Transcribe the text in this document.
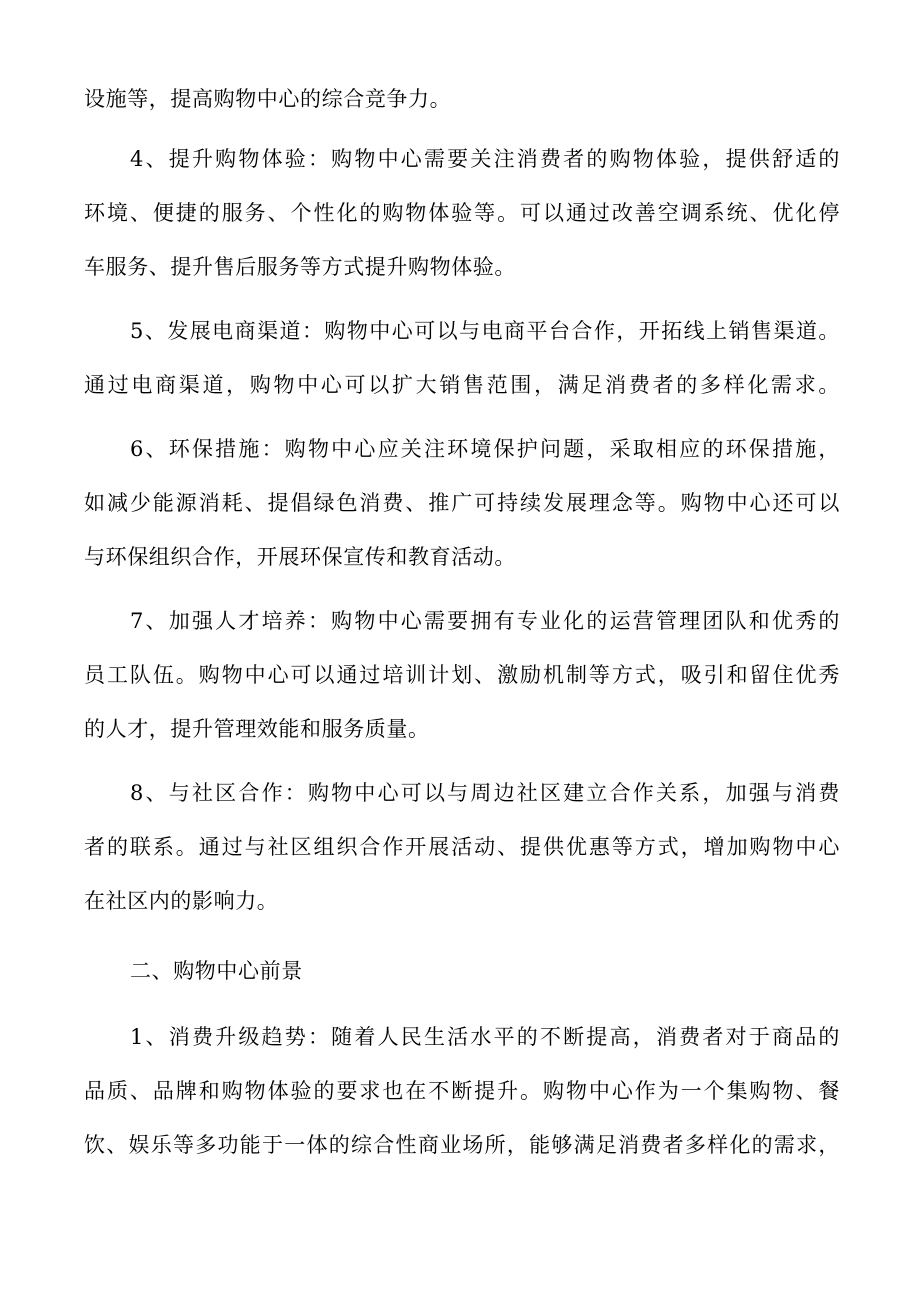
设施等，提高购物中心的综合竞争力。
4、提升购物体验：购物中心需要关注消费者的购物体验，提供舒适的
环境、便捷的服务、个性化的购物体验等。可以通过改善空调系统、优化停
车服务、提升售后服务等方式提升购物体验。
5、发展电商渠道：购物中心可以与电商平台合作，开拓线上销售渠道。
通过电商渠道，购物中心可以扩大销售范围，满足消费者的多样化需求。
6、环保措施：购物中心应关注环境保护问题，采取相应的环保措施，
如减少能源消耗、提倡绿色消费、推广可持续发展理念等。购物中心还可以
与环保组织合作，开展环保宣传和教育活动。
7、加强人才培养：购物中心需要拥有专业化的运营管理团队和优秀的
员工队伍。购物中心可以通过培训计划、激励机制等方式，吸引和留住优秀
的人才，提升管理效能和服务质量。
8、与社区合作：购物中心可以与周边社区建立合作关系，加强与消费
者的联系。通过与社区组织合作开展活动、提供优惠等方式，增加购物中心
在社区内的影响力。
二、购物中心前景
1、消费升级趋势：随着人民生活水平的不断提高，消费者对于商品的
品质、品牌和购物体验的要求也在不断提升。购物中心作为一个集购物、餐
饮、娱乐等多功能于一体的综合性商业场所，能够满足消费者多样化的需求，
